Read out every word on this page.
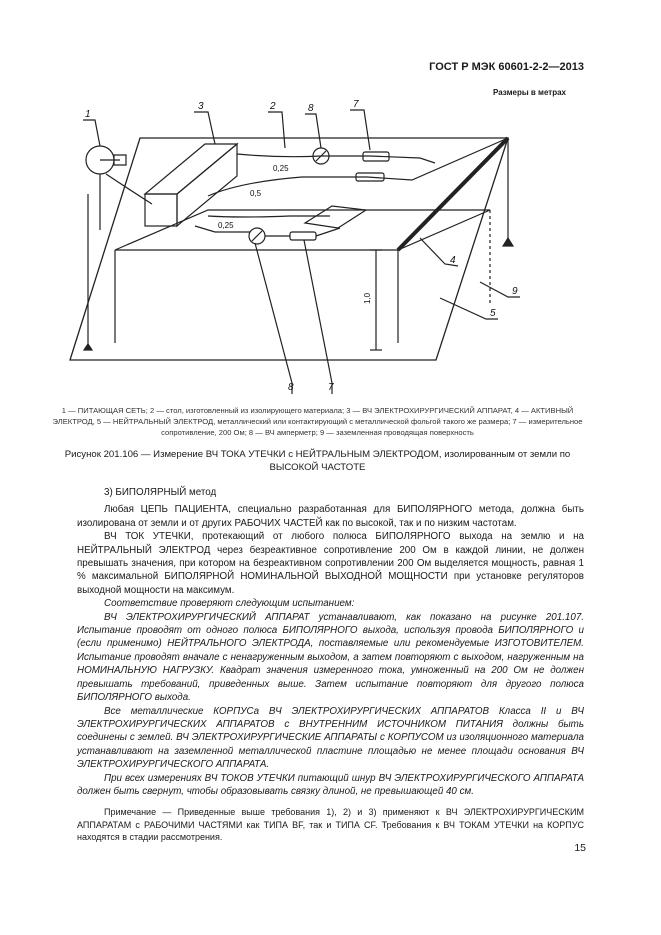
ГОСТ Р МЭК 60601-2-2—2013
Размеры в метрах
1
3	2	8	7
4
9
5
8	7
0,25
0,5
0,25
1,0
1 — ПИТАЮЩАЯ СЕТЬ; 2 — стол, изготовленный из изолирующего материала; 3 — ВЧ ЭЛЕКТРОХИРУРГИЧЕСКИЙ АППАРАТ, 4 — АКТИВНЫЙ ЭЛЕКТРОД, 5 — НЕЙТРАЛЬНЫЙ ЭЛЕКТРОД, металлический или контактирующий с металлической фольгой такого же размера; 7 — измерительное сопротивление, 200 Ом; 8 — ВЧ амперметр; 9 — заземленная проводящая поверхность
Рисунок 201.106 — Измерение ВЧ ТОКА УТЕЧКИ с НЕЙТРАЛЬНЫМ ЭЛЕКТРОДОМ, изолированным от земли по ВЫСОКОЙ ЧАСТОТЕ

3) БИПОЛЯРНЫЙ метод

Любая ЦЕПЬ ПАЦИЕНТА, специально разработанная для БИПОЛЯРНОГО метода, должна быть изолирована от земли и от других РАБОЧИХ ЧАСТЕЙ как по высокой, так и по низким частотам.

ВЧ ТОК УТЕЧКИ, протекающий от любого полюса БИПОЛЯРНОГО выхода на землю и на НЕЙТРАЛЬНЫЙ ЭЛЕКТРОД через безреактивное сопротивление 200 Ом в каждой линии, не должен превышать значения, при котором на безреактивном сопротивлении 200 Ом выделяется мощность, равная 1 % максимальной БИПОЛЯРНОЙ НОМИНАЛЬНОЙ ВЫХОДНОЙ МОЩНОСТИ при установке регуляторов выходной мощности на максимум.

Соответствие проверяют следующим испытанием:

ВЧ ЭЛЕКТРОХИРУРГИЧЕСКИЙ АППАРАТ устанавливают, как показано на рисунке 201.107. Испытание проводят от одного полюса БИПОЛЯРНОГО выхода, используя провода БИПОЛЯРНОГО и (если применимо) НЕЙТРАЛЬНОГО ЭЛЕКТРОДА, поставляемые или рекомендуемые ИЗГОТОВИТЕЛЕМ. Испытание проводят вначале с ненагруженным выходом, а затем повторяют с выходом, нагруженным на НОМИНАЛЬНУЮ НАГРУЗКУ. Квадрат значения измеренного тока, умноженный на 200 Ом не должен превышать требований, приведенных выше. Затем испытание повторяют для другого полюса БИПОЛЯРНОГО выхода.

Все металлические КОРПУСа ВЧ ЭЛЕКТРОХИРУРГИЧЕСКИХ АППАРАТОВ Класса II и ВЧ ЭЛЕКТРОХИРУРГИЧЕСКИХ АППАРАТОВ с ВНУТРЕННИМ ИСТОЧНИКОМ ПИТАНИЯ должны быть соединены с землей. ВЧ ЭЛЕКТРОХИРУРГИЧЕСКИЕ АППАРАТЫ с КОРПУСОМ из изоляционного материала устанавливают на заземленной металлической пластине площадью не менее площади основания ВЧ ЭЛЕКТРОХИРУРГИЧЕСКОГО АППАРАТА.

При всех измерениях ВЧ ТОКОВ УТЕЧКИ питающий шнур ВЧ ЭЛЕКТРОХИРУРГИЧЕСКОГО АППАРАТА должен быть свернут, чтобы образовывать связку длиной, не превышающей 40 см.

Примечание — Приведенные выше требования 1), 2) и 3) применяют к ВЧ ЭЛЕКТРОХИРУРГИЧЕСКИМ АППАРАТАМ с РАБОЧИМИ ЧАСТЯМИ как ТИПА BF, так и ТИПА CF. Требования к ВЧ ТОКАМ УТЕЧКИ на КОРПУС находятся в стадии рассмотрения.

15
